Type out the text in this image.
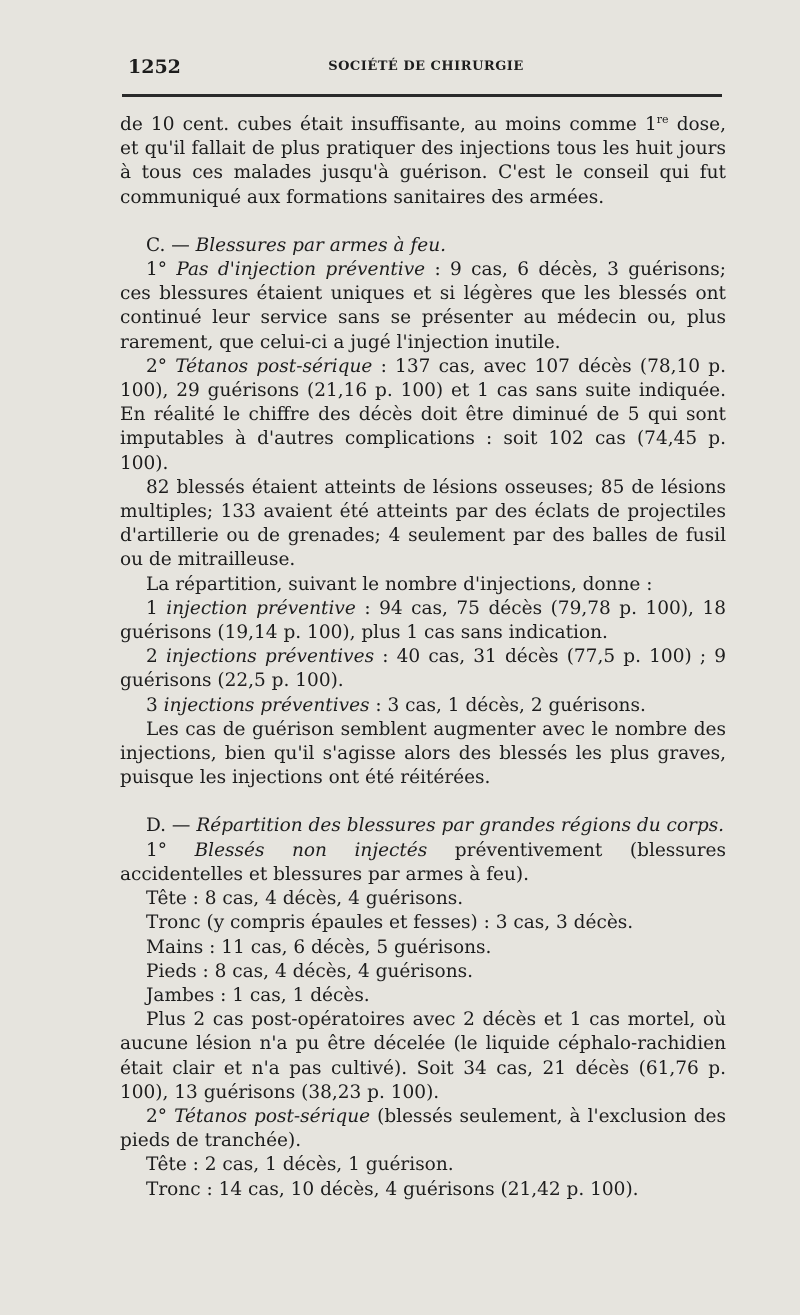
1252	SOCIÉTÉ DE CHIRURGIE

de 10 cent. cubes était insuffisante, au moins comme 1re dose, et qu'il fallait de plus pratiquer des injections tous les huit jours à tous ces malades jusqu'à guérison. C'est le conseil qui fut communiqué aux formations sanitaires des armées.

C. — Blessures par armes à feu.

1° Pas d'injection préventive : 9 cas, 6 décès, 3 guérisons; ces blessures étaient uniques et si légères que les blessés ont continué leur service sans se présenter au médecin ou, plus rarement, que celui-ci a jugé l'injection inutile.

2° Tétanos post-sérique : 137 cas, avec 107 décès (78,10 p. 100), 29 guérisons (21,16 p. 100) et 1 cas sans suite indiquée. En réalité le chiffre des décès doit être diminué de 5 qui sont imputables à d'autres complications : soit 102 cas (74,45 p. 100).

82 blessés étaient atteints de lésions osseuses; 85 de lésions multiples; 133 avaient été atteints par des éclats de projectiles d'artillerie ou de grenades; 4 seulement par des balles de fusil ou de mitrailleuse.

La répartition, suivant le nombre d'injections, donne :

1 injection préventive : 94 cas, 75 décès (79,78 p. 100), 18 guérisons (19,14 p. 100), plus 1 cas sans indication.

2 injections préventives : 40 cas, 31 décès (77,5 p. 100) ; 9 guérisons (22,5 p. 100).

3 injections préventives : 3 cas, 1 décès, 2 guérisons.

Les cas de guérison semblent augmenter avec le nombre des injections, bien qu'il s'agisse alors des blessés les plus graves, puisque les injections ont été réitérées.

D. — Répartition des blessures par grandes régions du corps.

1° Blessés non injectés préventivement (blessures accidentelles et blessures par armes à feu).

Tête : 8 cas, 4 décès, 4 guérisons.

Tronc (y compris épaules et fesses) : 3 cas, 3 décès.

Mains : 11 cas, 6 décès, 5 guérisons.

Pieds : 8 cas, 4 décès, 4 guérisons.

Jambes : 1 cas, 1 décès.

Plus 2 cas post-opératoires avec 2 décès et 1 cas mortel, où aucune lésion n'a pu être décelée (le liquide céphalo-rachidien était clair et n'a pas cultivé). Soit 34 cas, 21 décès (61,76 p. 100), 13 guérisons (38,23 p. 100).

2° Tétanos post-sérique (blessés seulement, à l'exclusion des pieds de tranchée).

Tête : 2 cas, 1 décès, 1 guérison.

Tronc : 14 cas, 10 décès, 4 guérisons (21,42 p. 100).
